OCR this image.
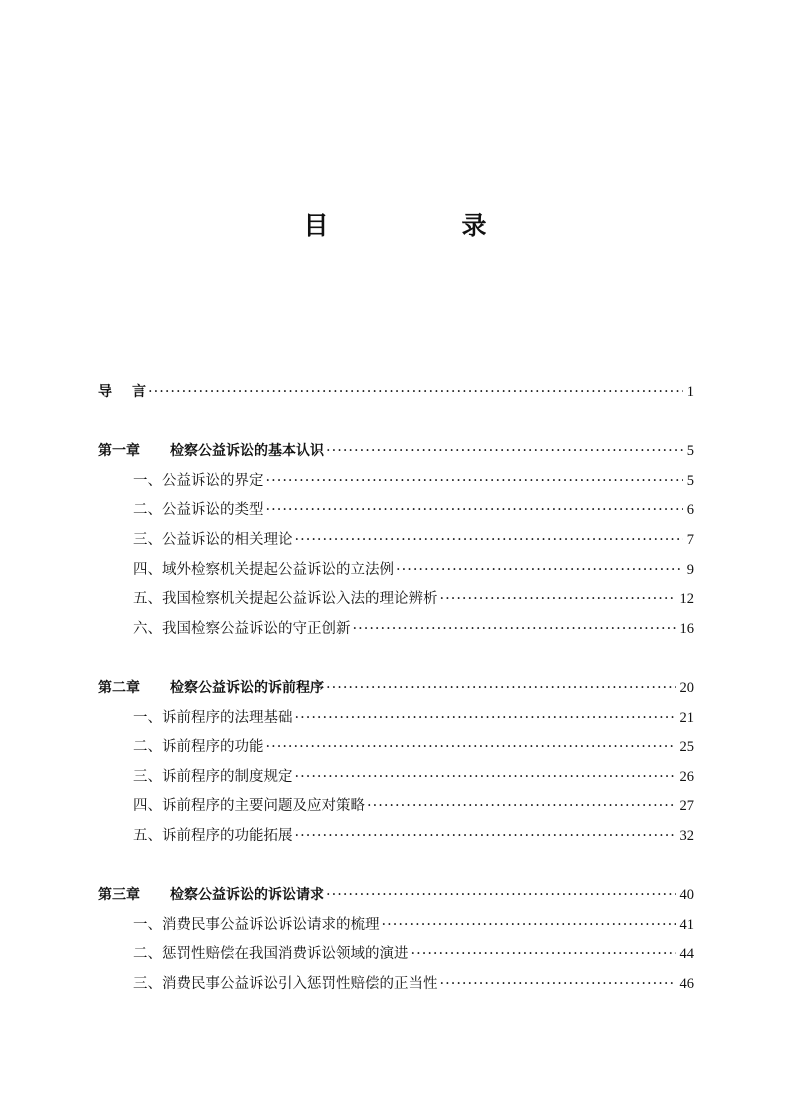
目　录
导言 ·····	1
第一章 检察公益诉讼的基本认识 ·····	5
一、公益诉讼的界定 ·····	5
二、公益诉讼的类型 ·····	6
三、公益诉讼的相关理论 ·····	7
四、域外检察机关提起公益诉讼的立法例 ·····	9
五、我国检察机关提起公益诉讼入法的理论辨析 ·····	12
六、我国检察公益诉讼的守正创新 ·····	16
第二章 检察公益诉讼的诉前程序 ·····	20
一、诉前程序的法理基础 ·····	21
二、诉前程序的功能 ·····	25
三、诉前程序的制度规定 ·····	26
四、诉前程序的主要问题及应对策略 ·····	27
五、诉前程序的功能拓展 ·····	32
第三章 检察公益诉讼的诉讼请求 ·····	40
一、消费民事公益诉讼诉讼请求的梳理 ·····	41
二、惩罚性赔偿在我国消费诉讼领域的演进 ·····	44
三、消费民事公益诉讼引入惩罚性赔偿的正当性 ·····	46
